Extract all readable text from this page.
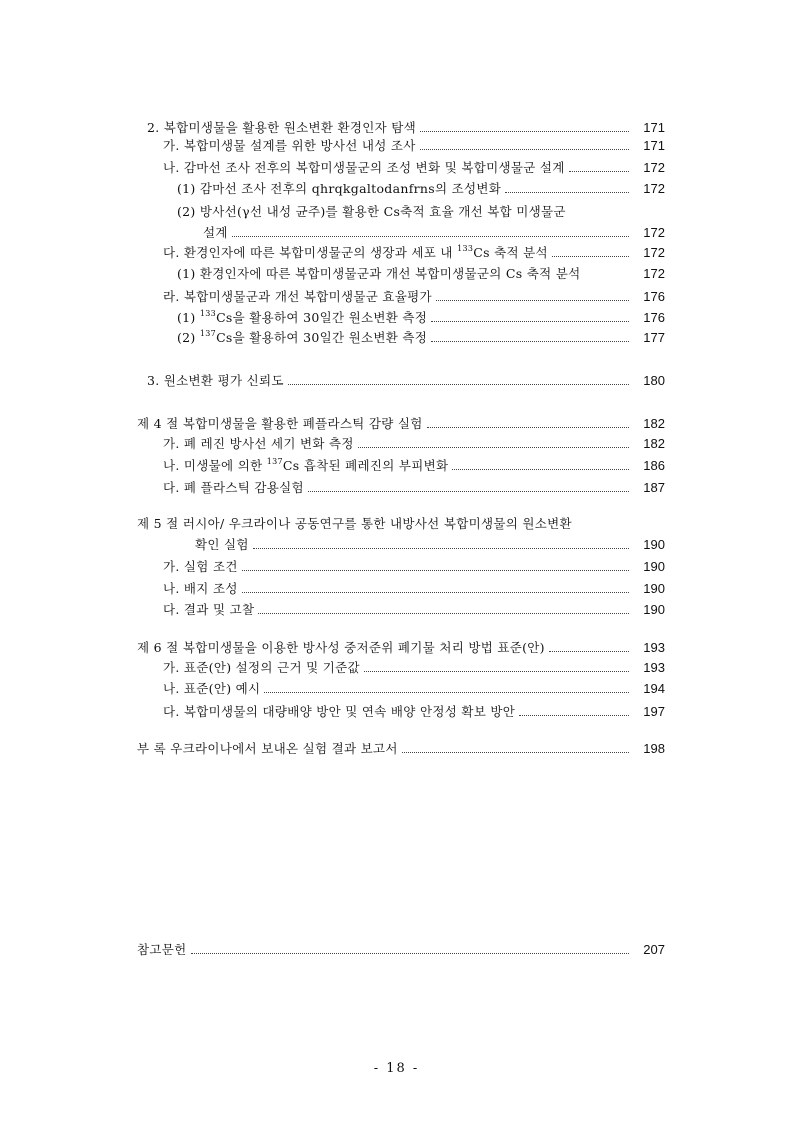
2. 복합미생물을 활용한 원소변환 환경인자 탐색	171
가. 복합미생물 설계를 위한 방사선 내성 조사	171
나. 감마선 조사 전후의 복합미생물군의 조성 변화 및 복합미생물군 설계	172
(1) 감마선 조사 전후의 qhrqkgaltodanfrns의 조성변화	172
(2) 방사선(γ선 내성 균주)를 활용한 Cs축적 효율 개선 복합 미생물군
설계	172
다. 환경인자에 따른 복합미생물군의 생장과 세포 내 $^{133}$Cs 축적 분석	172
(1) 환경인자에 따른 복합미생물군과 개선 복합미생물군의 Cs 축적 분석	172
라. 복합미생물군과 개선 복합미생물군 효율평가	176
(1) $^{133}$Cs을 활용하여 30일간 원소변환 측정	176
(2) $^{137}$Cs을 활용하여 30일간 원소변환 측정	177
3. 원소변환 평가 신뢰도	180
제 4 절 복합미생물을 활용한 폐플라스틱 감량 실험	182
가. 폐 레진 방사선 세기 변화 측정	182
나. 미생물에 의한 $^{137}$Cs 흡착된 폐레진의 부피변화	186
다. 폐 플라스틱 감용실험	187
제 5 절 러시아/ 우크라이나 공동연구를 통한 내방사선 복합미생물의 원소변환
확인 실험	190
가. 실험 조건	190
나. 배지 조성	190
다. 결과 및 고찰	190
제 6 절 복합미생물을 이용한 방사성 중저준위 폐기물 처리 방법 표준(안)	193
가. 표준(안) 설정의 근거 및 기준값	193
나. 표준(안) 예시	194
다. 복합미생물의 대량배양 방안 및 연속 배양 안정성 확보 방안	197
부 록 우크라이나에서 보내온 실험 결과 보고서	198
참고문헌	207
- 18 -
